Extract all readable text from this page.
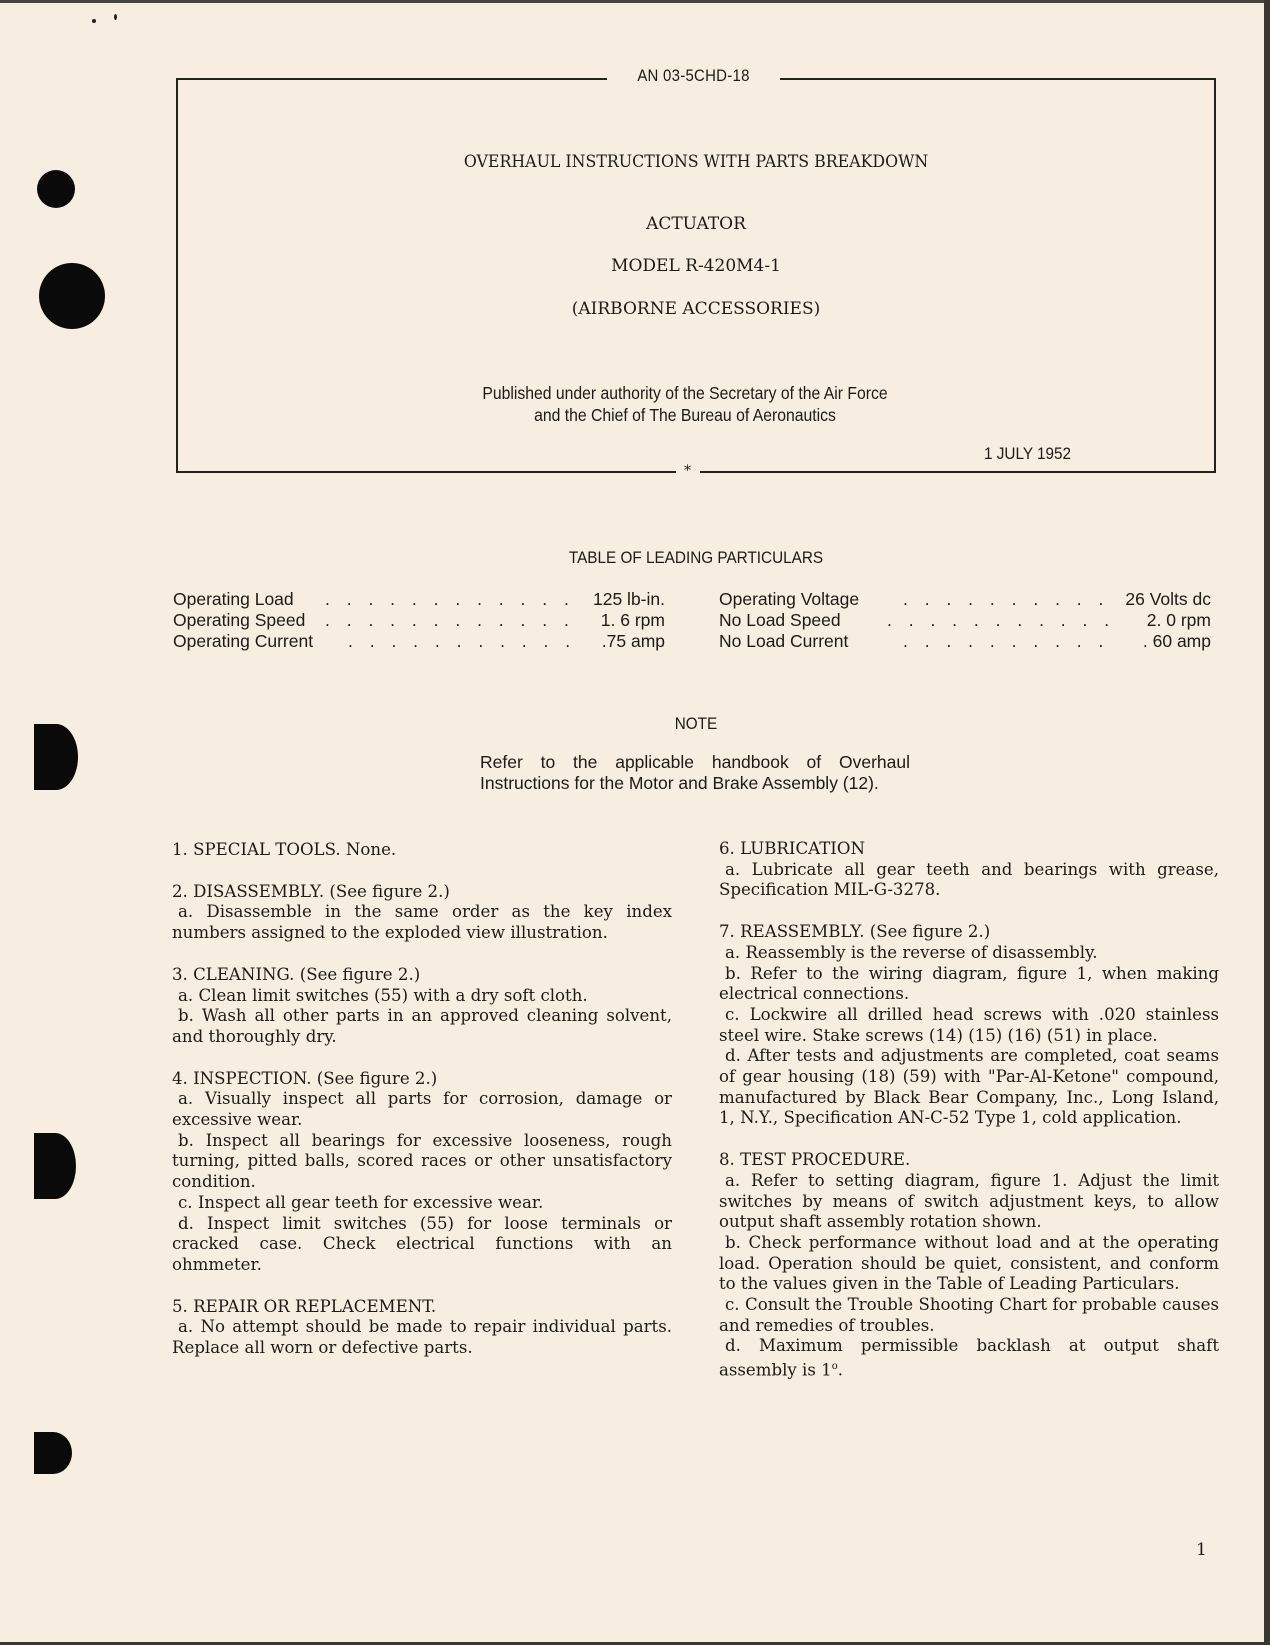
AN 03-5CHD-18
*
OVERHAUL INSTRUCTIONS WITH PARTS BREAKDOWN
ACTUATOR
MODEL R-420M4-1
(AIRBORNE ACCESSORIES)
Published under authority of the Secretary of the Air Force
and the Chief of The Bureau of Aeronautics
1 JULY 1952
TABLE OF LEADING PARTICULARS
Operating Load . . . . . . . . . . . . 125 lb-in.
Operating Speed . . . . . . . . . . . . 1. 6 rpm
Operating Current . . . . . . . . . . . .75 amp
Operating Voltage	. . . . . . . . . . 26 Volts dc
No Load Speed	. . . . . . . . . . . 2. 0 rpm
No Load Current	. . . . . . . . . . . 60 amp
NOTE
Refer to the applicable handbook of Overhaul Instructions for the Motor and Brake Assembly (12).
1. SPECIAL TOOLS. None.
2. DISASSEMBLY. (See figure 2.)
a. Disassemble in the same order as the key index numbers assigned to the exploded view illustration.
3. CLEANING. (See figure 2.)
a. Clean limit switches (55) with a dry soft cloth.
b. Wash all other parts in an approved cleaning solvent, and thoroughly dry.
4. INSPECTION. (See figure 2.)
a. Visually inspect all parts for corrosion, damage or excessive wear.
b. Inspect all bearings for excessive looseness, rough turning, pitted balls, scored races or other unsatisfactory condition.
c. Inspect all gear teeth for excessive wear.
d. Inspect limit switches (55) for loose terminals or cracked case. Check electrical functions with an ohmmeter.
5. REPAIR OR REPLACEMENT.
a. No attempt should be made to repair individual parts. Replace all worn or defective parts.
6. LUBRICATION
a. Lubricate all gear teeth and bearings with grease, Specification MIL-G-3278.
7. REASSEMBLY. (See figure 2.)
a. Reassembly is the reverse of disassembly.
b. Refer to the wiring diagram, figure 1, when making electrical connections.
c. Lockwire all drilled head screws with .020 stainless steel wire. Stake screws (14) (15) (16) (51) in place.
d. After tests and adjustments are completed, coat seams of gear housing (18) (59) with "Par-Al-Ketone" compound, manufactured by Black Bear Company, Inc., Long Island, 1, N.Y., Specification AN-C-52 Type 1, cold application.
8. TEST PROCEDURE.
a. Refer to setting diagram, figure 1. Adjust the limit switches by means of switch adjustment keys, to allow output shaft assembly rotation shown.
b. Check performance without load and at the operating load. Operation should be quiet, consistent, and conform to the values given in the Table of Leading Particulars.
c. Consult the Trouble Shooting Chart for probable causes and remedies of troubles.
d. Maximum permissible backlash at output shaft assembly is 1$^o$.
1
